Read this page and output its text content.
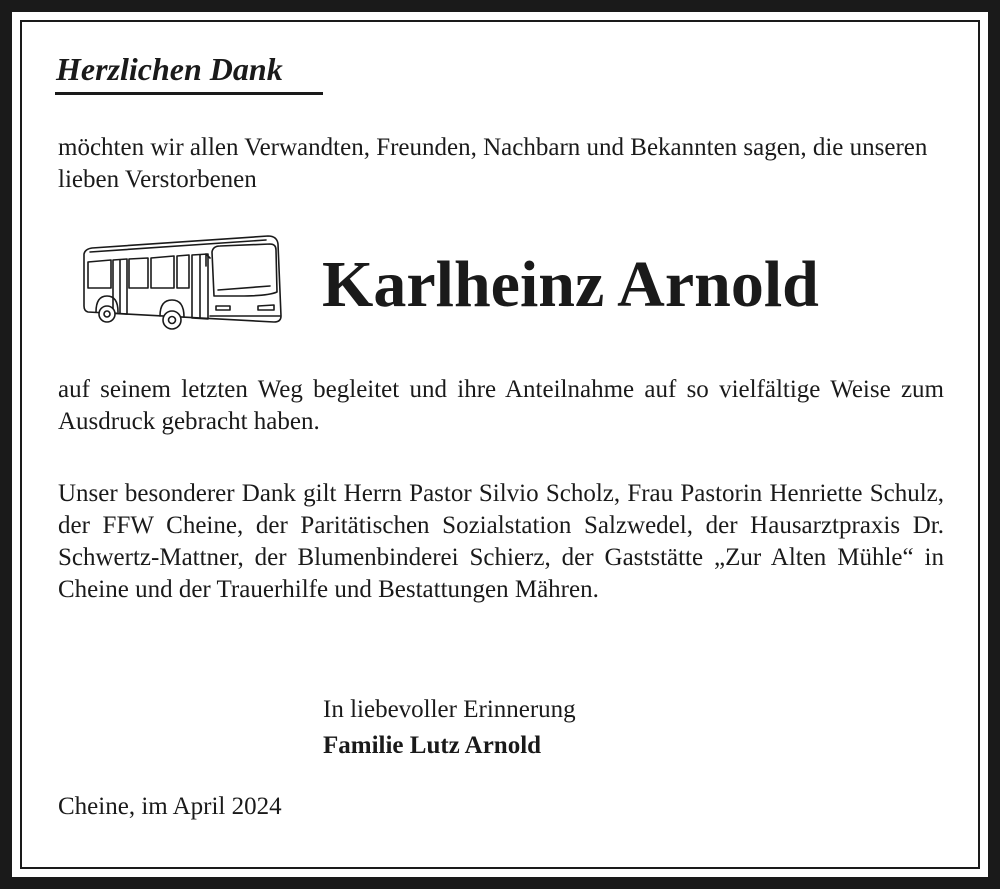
Herzlichen Dank

möchten wir allen Verwandten, Freunden, Nachbarn und Bekannten sagen, die unseren lieben Verstorbenen

Karlheinz Arnold

auf seinem letzten Weg begleitet und ihre Anteilnahme auf so vielfältige Weise zum Ausdruck gebracht haben.

Unser besonderer Dank gilt Herrn Pastor Silvio Scholz, Frau Pastorin Henriette Schulz, der FFW Cheine, der Paritätischen Sozialstation Salzwedel, der Hausarztpraxis Dr. Schwertz-Mattner, der Blumenbinderei Schierz, der Gaststätte „Zur Alten Mühle“ in Cheine und der Trauerhilfe und Bestattungen Mähren.

In liebevoller Erinnerung

Familie Lutz Arnold

Cheine, im April 2024
